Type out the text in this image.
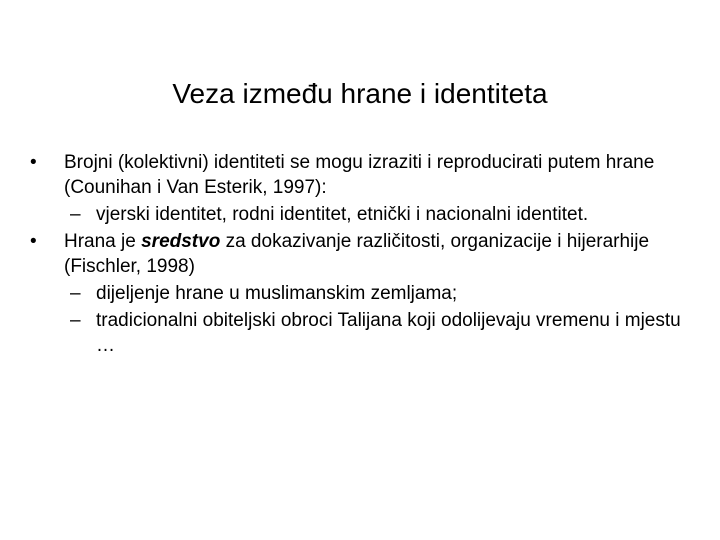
Veza između hrane i identiteta
• Brojni (kolektivni) identiteti se mogu izraziti i reproducirati putem hrane (Counihan i Van Esterik, 1997):
– vjerski identitet, rodni identitet, etnički i nacionalni identitet.
• Hrana je sredstvo za dokazivanje različitosti, organizacije i hijerarhije (Fischler, 1998)
– dijeljenje hrane u muslimanskim zemljama;
– tradicionalni obiteljski obroci Talijana koji odolijevaju vremenu i mjestu …
